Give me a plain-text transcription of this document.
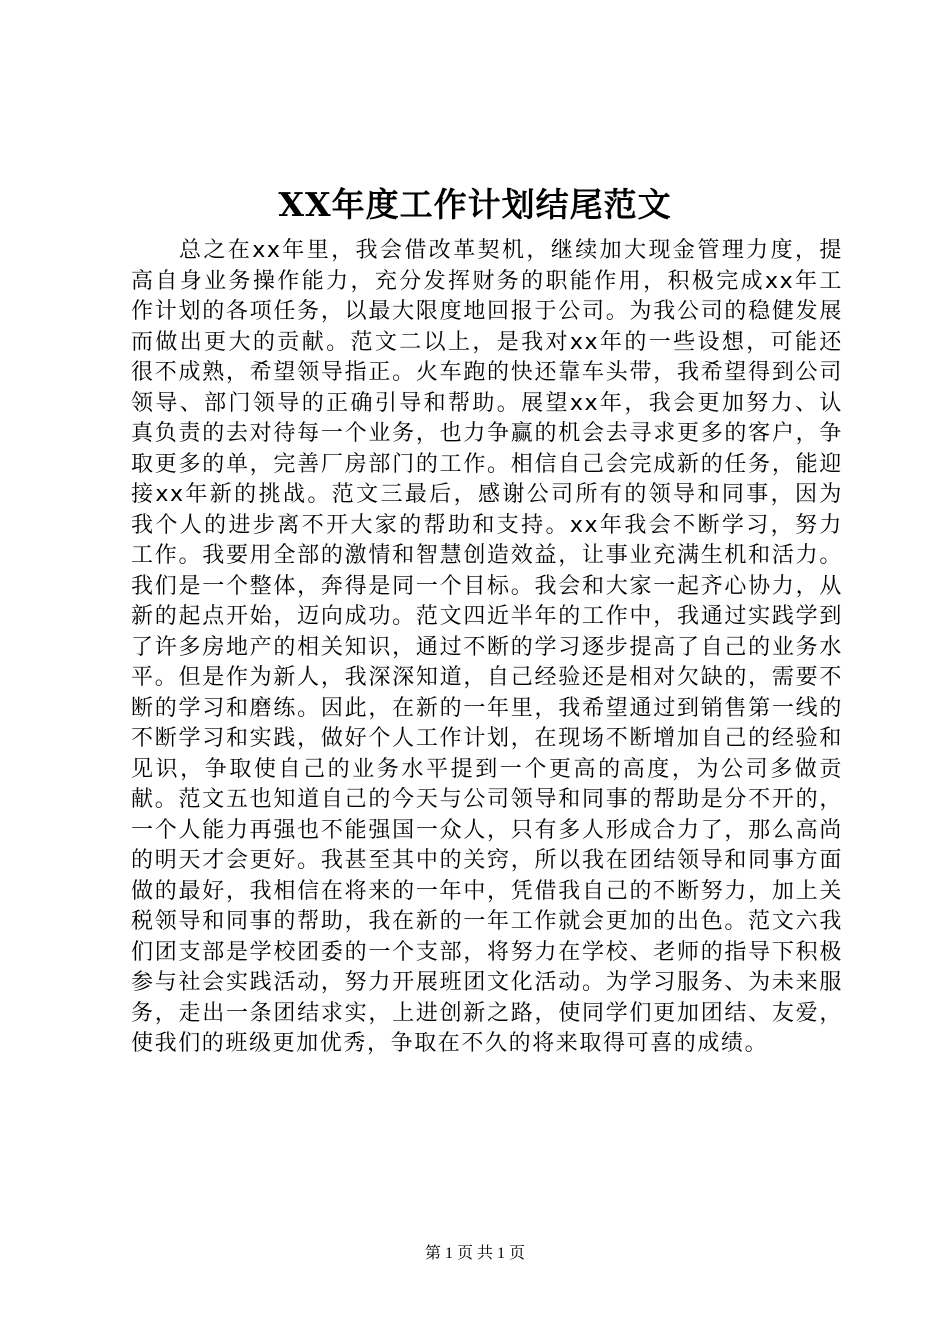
XX年度工作计划结尾范文

总之在xx年里，我会借改革契机，继续加大现金管理力度，提高自身业务操作能力，充分发挥财务的职能作用，积极完成xx年工作计划的各项任务，以最大限度地回报于公司。为我公司的稳健发展而做出更大的贡献。范文二以上，是我对xx年的一些设想，可能还很不成熟，希望领导指正。火车跑的快还靠车头带，我希望得到公司领导、部门领导的正确引导和帮助。展望xx年，我会更加努力、认真负责的去对待每一个业务，也力争赢的机会去寻求更多的客户，争取更多的单，完善厂房部门的工作。相信自己会完成新的任务，能迎接xx年新的挑战。范文三最后，感谢公司所有的领导和同事，因为我个人的进步离不开大家的帮助和支持。xx年我会不断学习，努力工作。我要用全部的激情和智慧创造效益，让事业充满生机和活力。我们是一个整体，奔得是同一个目标。我会和大家一起齐心协力，从新的起点开始，迈向成功。范文四近半年的工作中，我通过实践学到了许多房地产的相关知识，通过不断的学习逐步提高了自己的业务水平。但是作为新人，我深深知道，自己经验还是相对欠缺的，需要不断的学习和磨练。因此，在新的一年里，我希望通过到销售第一线的不断学习和实践，做好个人工作计划，在现场不断增加自己的经验和见识，争取使自己的业务水平提到一个更高的高度，为公司多做贡献。范文五也知道自己的今天与公司领导和同事的帮助是分不开的，一个人能力再强也不能强国一众人，只有多人形成合力了，那么高尚的明天才会更好。我甚至其中的关窍，所以我在团结领导和同事方面做的最好，我相信在将来的一年中，凭借我自己的不断努力，加上关税领导和同事的帮助，我在新的一年工作就会更加的出色。范文六我们团支部是学校团委的一个支部，将努力在学校、老师的指导下积极参与社会实践活动，努力开展班团文化活动。为学习服务、为未来服务，走出一条团结求实，上进创新之路，使同学们更加团结、友爱，使我们的班级更加优秀，争取在不久的将来取得可喜的成绩。

第 1 页 共 1 页
